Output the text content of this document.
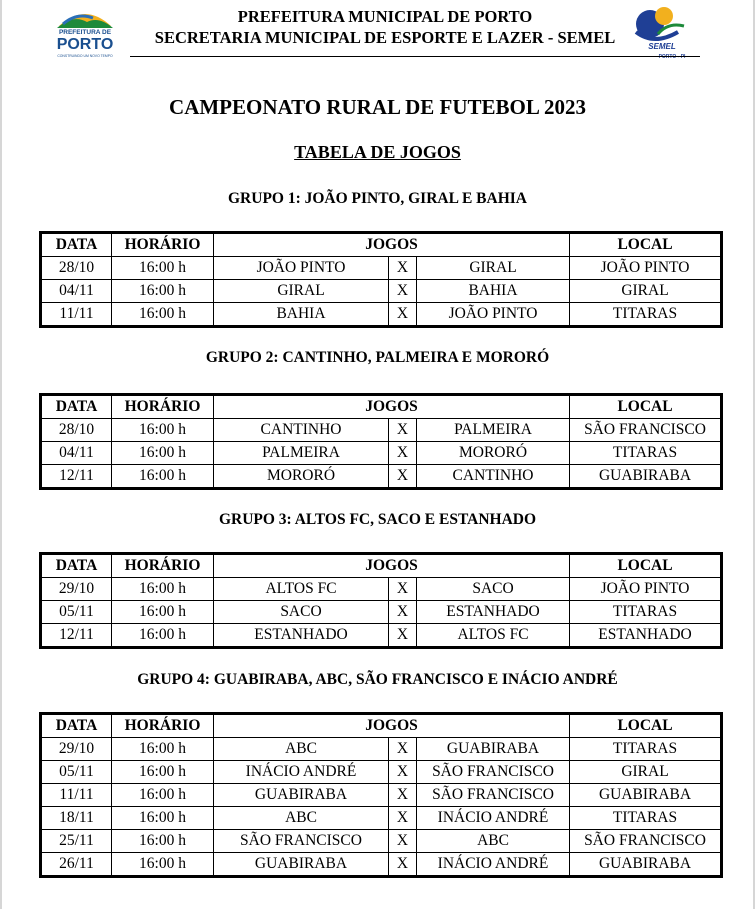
PREFEITURA DE
PORTO
CONSTRUINDO UM NOVO TEMPO
PREFEITURA MUNICIPAL DE PORTO
SECRETARIA MUNICIPAL DE ESPORTE E LAZER - SEMEL	SEMEL
PORTO - PI
CAMPEONATO RURAL DE FUTEBOL 2023
TABELA DE JOGOS
GRUPO 1: JOÃO PINTO, GIRAL E BAHIA
DATA	HORÁRIO	JOGOS			LOCAL
28/10	16:00 h	JOÃO PINTO	X	GIRAL	JOÃO PINTO
04/11	16:00 h	GIRAL	X	BAHIA	GIRAL
11/11	16:00 h	BAHIA	X	JOÃO PINTO	TITARAS
GRUPO 2: CANTINHO, PALMEIRA E MORORÓ
DATA	HORÁRIO	JOGOS			LOCAL
28/10	16:00 h	CANTINHO	X	PALMEIRA	SÃO FRANCISCO
04/11	16:00 h	PALMEIRA	X	MORORÓ	TITARAS
12/11	16:00 h	MORORÓ	X	CANTINHO	GUABIRABA
GRUPO 3: ALTOS FC, SACO E ESTANHADO
DATA	HORÁRIO	JOGOS			LOCAL
29/10	16:00 h	ALTOS FC	X	SACO	JOÃO PINTO
05/11	16:00 h	SACO	X	ESTANHADO	TITARAS
12/11	16:00 h	ESTANHADO	X	ALTOS FC	ESTANHADO
GRUPO 4: GUABIRABA, ABC, SÃO FRANCISCO E INÁCIO ANDRÉ
DATA	HORÁRIO	JOGOS			LOCAL
29/10	16:00 h	ABC	X	GUABIRABA	TITARAS
05/11	16:00 h	INÁCIO ANDRÉ	X	SÃO FRANCISCO	GIRAL
11/11	16:00 h	GUABIRABA	X	SÃO FRANCISCO	GUABIRABA
18/11	16:00 h	ABC	X	INÁCIO ANDRÉ	TITARAS
25/11	16:00 h	SÃO FRANCISCO	X	ABC	SÃO FRANCISCO
26/11	16:00 h	GUABIRABA	X	INÁCIO ANDRÉ	GUABIRABA
